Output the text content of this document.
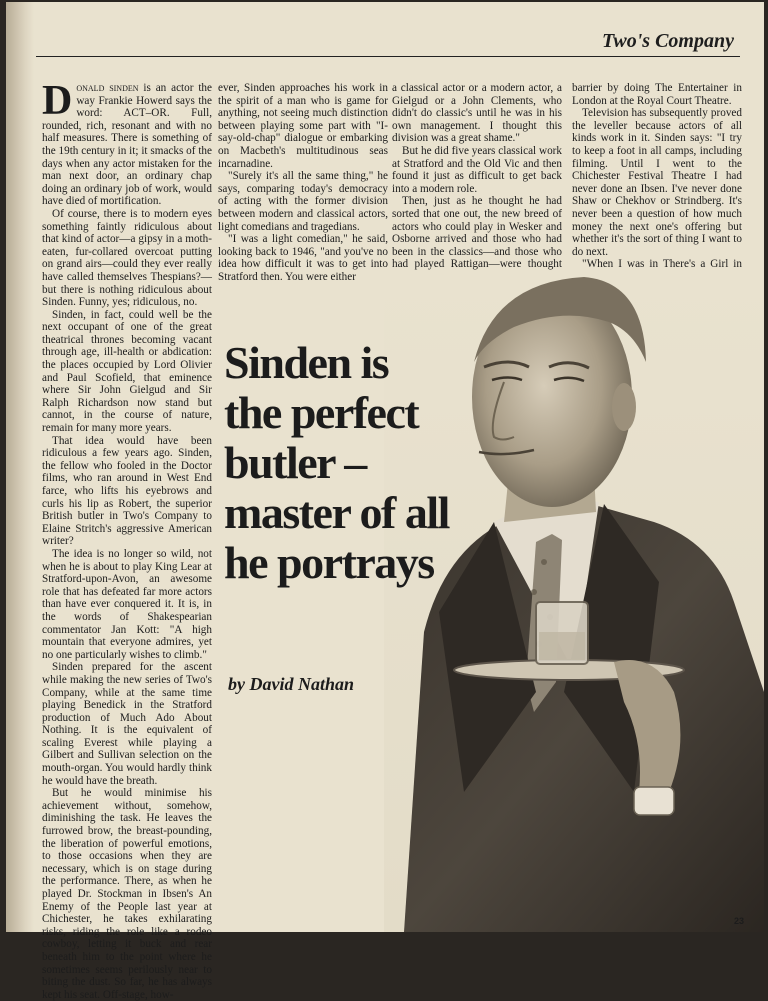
Two's Company

Donald sinden is an actor the way Frankie Howerd says the word: ACT–OR. Full, rounded, rich, resonant and with no half measures. There is something of the 19th century in it; it smacks of the days when any actor mistaken for the man next door, an ordinary chap doing an ordinary job of work, would have died of mortification.

Of course, there is to modern eyes something faintly ridiculous about that kind of actor—a gipsy in a moth-eaten, fur-collared overcoat putting on grand airs—could they ever really have called themselves Thespians?—but there is nothing ridiculous about Sinden. Funny, yes; ridiculous, no.

Sinden, in fact, could well be the next occupant of one of the great theatrical thrones becoming vacant through age, ill-health or abdication: the places occupied by Lord Olivier and Paul Scofield, that eminence where Sir John Gielgud and Sir Ralph Richardson now stand but cannot, in the course of nature, remain for many more years.

That idea would have been ridiculous a few years ago. Sinden, the fellow who fooled in the Doctor films, who ran around in West End farce, who lifts his eyebrows and curls his lip as Robert, the superior British butler in Two's Company to Elaine Stritch's aggressive American writer?

The idea is no longer so wild, not when he is about to play King Lear at Stratford-upon-Avon, an awesome role that has defeated far more actors than have ever conquered it. It is, in the words of Shakespearian commentator Jan Kott: "A high mountain that everyone admires, yet no one particularly wishes to climb."

Sinden prepared for the ascent while making the new series of Two's Company, while at the same time playing Benedick in the Stratford production of Much Ado About Nothing. It is the equivalent of scaling Everest while playing a Gilbert and Sullivan selection on the mouth-organ. You would hardly think he would have the breath.

But he would minimise his achievement without, somehow, diminishing the task. He leaves the furrowed brow, the breast-pounding, the liberation of powerful emotions, to those occasions when they are necessary, which is on stage during the performance. There, as when he played Dr. Stockman in Ibsen's An Enemy of the People last year at Chichester, he takes exhilarating risks, riding the role like a rodeo cowboy, letting it buck and rear beneath him to the point where he sometimes seems perilously near to biting the dust. So far, he has always kept his seat. Off-stage, how-

ever, Sinden approaches his work in the spirit of a man who is game for anything, not seeing much distinction between playing some part with "I-say-old-chap" dialogue or embarking on Macbeth's multitudinous seas incarnadine.

"Surely it's all the same thing," he says, comparing today's democracy of acting with the former division between modern and classical actors, light comedians and tragedians.

"I was a light comedian," he said, looking back to 1946, "and you've no idea how difficult it was to get into Stratford then. You were either

a classical actor or a modern actor, a Gielgud or a John Clements, who didn't do classic's until he was in his own management. I thought this division was a great shame."

But he did five years classical work at Stratford and the Old Vic and then found it just as difficult to get back into a modern role.

Then, just as he thought he had sorted that one out, the new breed of actors who could play in Wesker and Osborne arrived and those who had been in the classics—and those who had played Rattigan—were thought

barrier by doing The Entertainer in London at the Royal Court Theatre.

Television has subsequently proved the leveller because actors of all kinds work in it. Sinden says: "I try to keep a foot in all camps, including filming. Until I went to the Chichester Festival Theatre I had never done an Ibsen. I've never done Shaw or Chekhov or Strindberg. It's never been a question of how much money the next one's offering but whether it's the sort of thing I want to do next.

"When I was in There's a Girl in

Sinden is the perfect butler – master of all he portrays

by David Nathan

23
